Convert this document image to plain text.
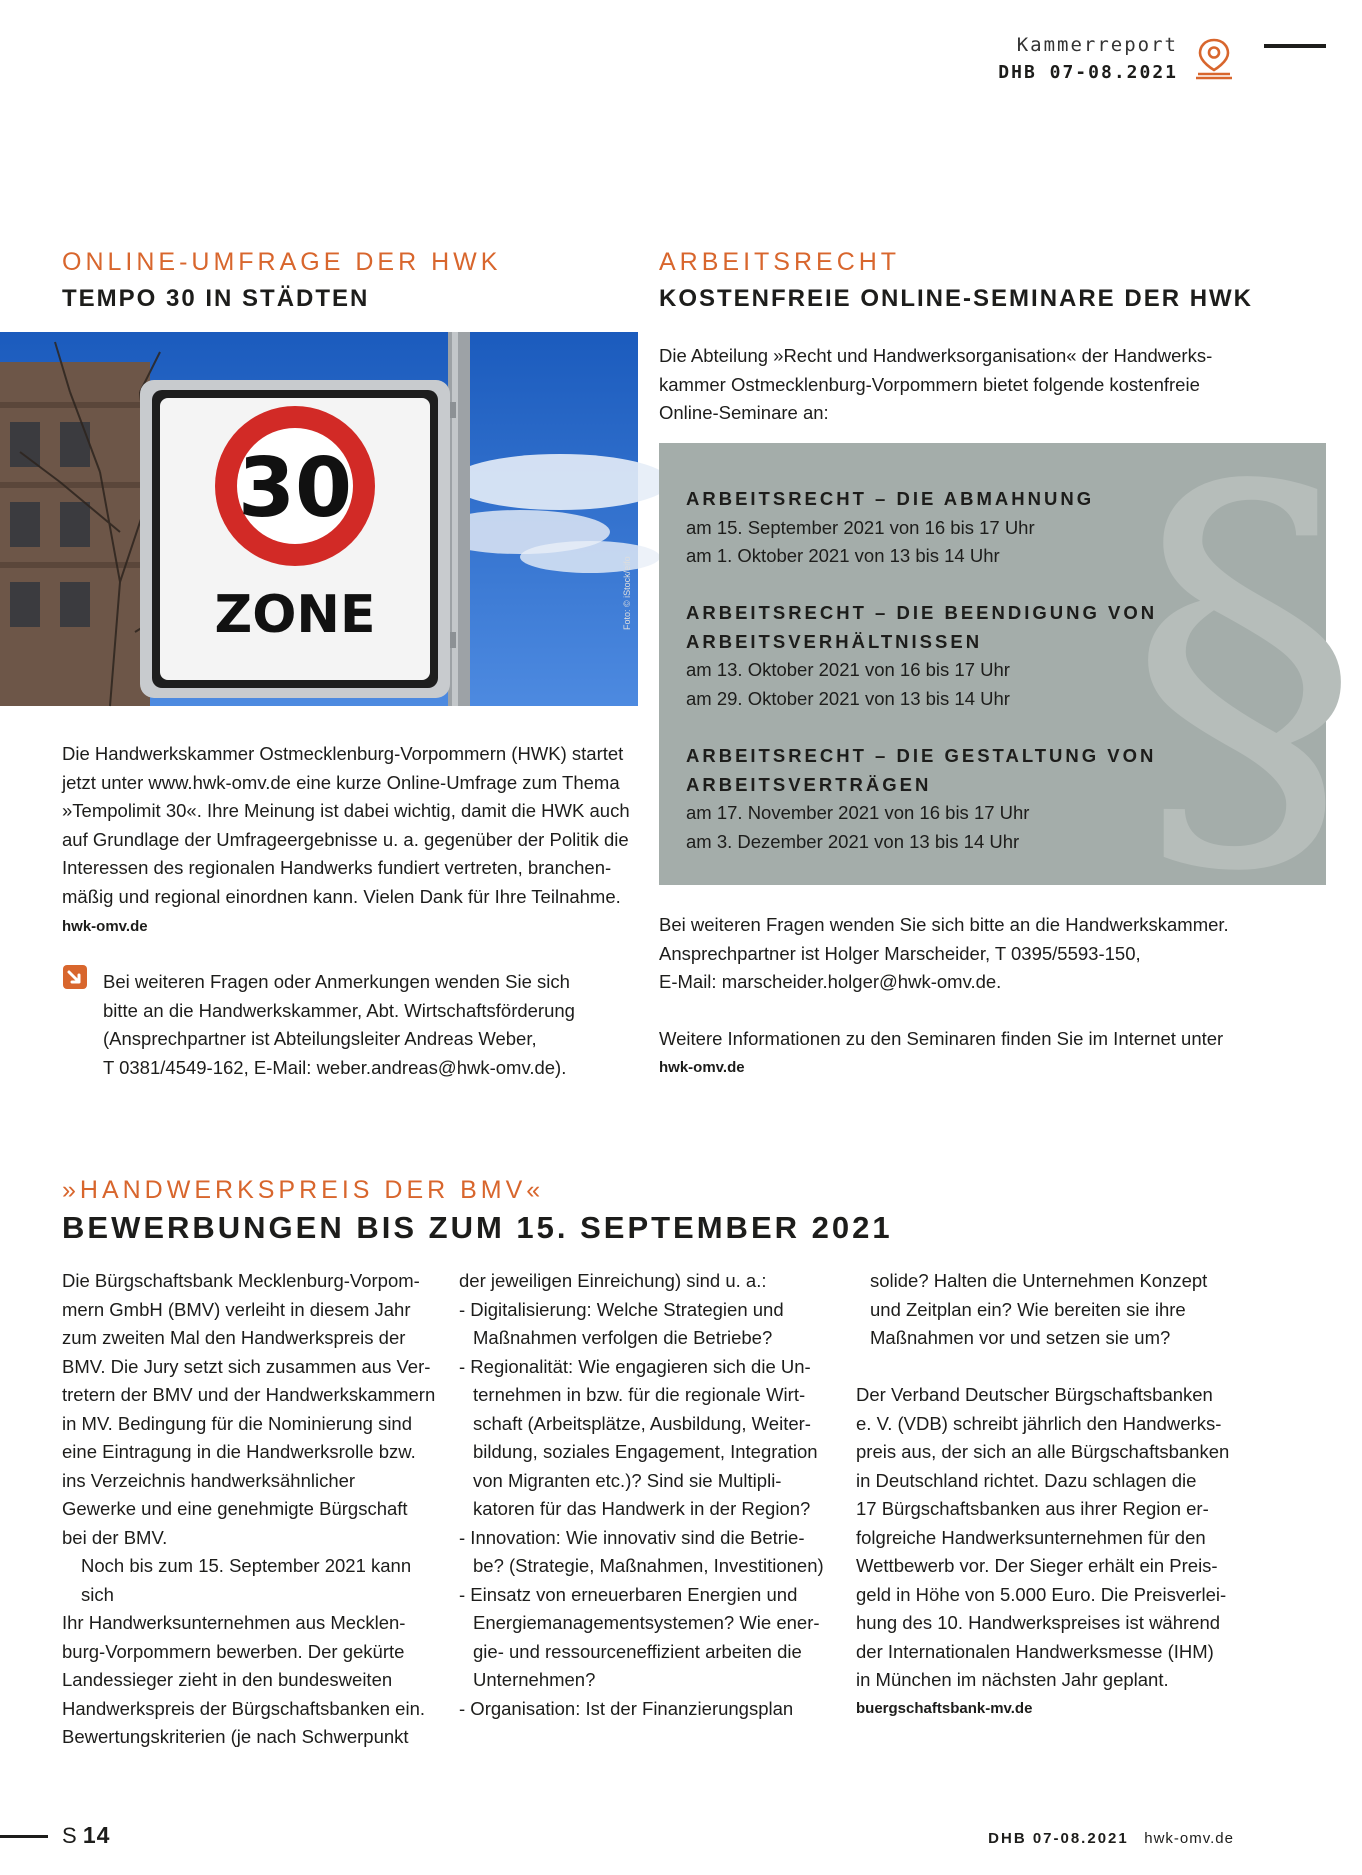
Kammerreport
DHB 07-08.2021
ONLINE-UMFRAGE DER HWK
TEMPO 30 IN STÄDTEN
30
ZONE	Foto: © iStock/eifo
Die Handwerkskammer Ostmecklenburg-Vorpommern (HWK) startet
jetzt unter www.hwk-omv.de eine kurze Online-Umfrage zum Thema
»Tempolimit 30«. Ihre Meinung ist dabei wichtig, damit die HWK auch
auf Grundlage der Umfrageergebnisse u. a. gegenüber der Politik die
Interessen des regionalen Handwerks fundiert vertreten, branchen-
mäßig und regional einordnen kann. Vielen Dank für Ihre Teilnahme.
hwk-omv.de
Bei weiteren Fragen oder Anmerkungen wenden Sie sich
bitte an die Handwerkskammer, Abt. Wirtschaftsförderung
(Ansprechpartner ist Abteilungsleiter Andreas Weber,
T 0381/4549-162, E-Mail: weber.andreas@hwk-omv.de).
ARBEITSRECHT
KOSTENFREIE ONLINE-SEMINARE DER HWK
Die Abteilung »Recht und Handwerksorganisation« der Handwerks-
kammer Ostmecklenburg-Vorpommern bietet folgende kostenfreie
Online-Seminare an: §
ARBEITSRECHT – DIE ABMAHNUNG
am 15. September 2021 von 16 bis 17 Uhr
am 1. Oktober 2021 von 13 bis 14 Uhr
ARBEITSRECHT – DIE BEENDIGUNG VON
ARBEITSVERHÄLTNISSEN
am 13. Oktober 2021 von 16 bis 17 Uhr
am 29. Oktober 2021 von 13 bis 14 Uhr
ARBEITSRECHT – DIE GESTALTUNG VON
ARBEITSVERTRÄGEN
am 17. November 2021 von 16 bis 17 Uhr
am 3. Dezember 2021 von 13 bis 14 Uhr
Bei weiteren Fragen wenden Sie sich bitte an die Handwerkskammer.
Ansprechpartner ist Holger Marscheider, T 0395/5593-150,
E-Mail: marscheider.holger@hwk-omv.de.
Weitere Informationen zu den Seminaren finden Sie im Internet unter
hwk-omv.de
»HANDWERKSPREIS DER BMV«
BEWERBUNGEN BIS ZUM 15. SEPTEMBER 2021
Die Bürgschaftsbank Mecklenburg-Vorpom-
mern GmbH (BMV) verleiht in diesem Jahr
zum zweiten Mal den Handwerkspreis der
BMV. Die Jury setzt sich zusammen aus Ver-
tretern der BMV und der Handwerkskammern
in MV. Bedingung für die Nominierung sind
eine Eintragung in die Handwerksrolle bzw.
ins Verzeichnis handwerksähnlicher
Gewerke und eine genehmigte Bürgschaft
bei der BMV.
Noch bis zum 15. September 2021 kann sich
Ihr Handwerksunternehmen aus Mecklen-
burg-Vorpommern bewerben. Der gekürte
Landessieger zieht in den bundesweiten
Handwerkspreis der Bürgschaftsbanken ein.
Bewertungskriterien (je nach Schwerpunkt
der jeweiligen Einreichung) sind u. a.:
- Digitalisierung: Welche Strategien und
Maßnahmen verfolgen die Betriebe?
- Regionalität: Wie engagieren sich die Un-
ternehmen in bzw. für die regionale Wirt-
schaft (Arbeitsplätze, Ausbildung, Weiter-
bildung, soziales Engagement, Integration
von Migranten etc.)? Sind sie Multipli-
katoren für das Handwerk in der Region?
- Innovation: Wie innovativ sind die Betrie-
be? (Strategie, Maßnahmen, Investitionen)
- Einsatz von erneuerbaren Energien und
Energiemanagementsystemen? Wie ener-
gie- und ressourceneffizient arbeiten die
Unternehmen?
- Organisation: Ist der Finanzierungsplan
solide? Halten die Unternehmen Konzept
und Zeitplan ein? Wie bereiten sie ihre
Maßnahmen vor und setzen sie um?
Der Verband Deutscher Bürgschaftsbanken
e. V. (VDB) schreibt jährlich den Handwerks-
preis aus, der sich an alle Bürgschaftsbanken
in Deutschland richtet. Dazu schlagen die
17 Bürgschaftsbanken aus ihrer Region er-
folgreiche Handwerksunternehmen für den
Wettbewerb vor. Der Sieger erhält ein Preis-
geld in Höhe von 5.000 Euro. Die Preisverlei-
hung des 10. Handwerkspreises ist während
der Internationalen Handwerksmesse (IHM)
in München im nächsten Jahr geplant.
buergschaftsbank-mv.de
S 14	DHB 07-08.2021 hwk-omv.de
